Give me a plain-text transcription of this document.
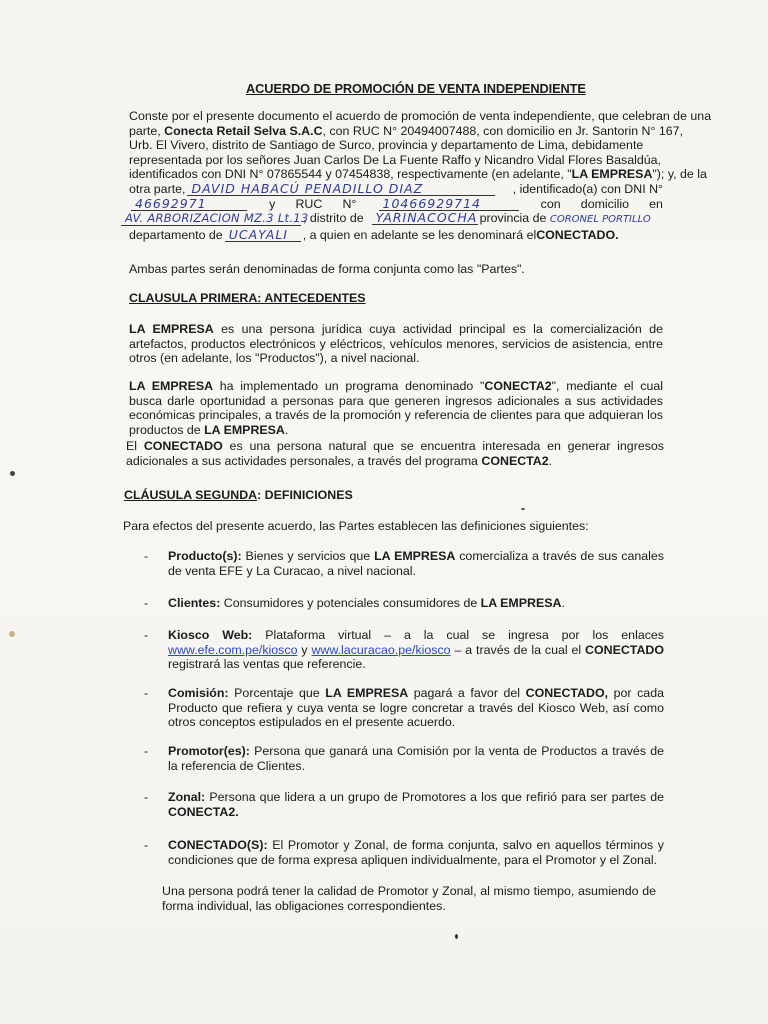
ACUERDO DE PROMOCIÓN DE VENTA INDEPENDIENTE
Conste por el presente documento el acuerdo de promoción de venta independiente, que celebran de una
parte,
Conecta Retail Selva S.A.C , con RUC N° 20494007488, con domicilio en Jr. Santorin N° 167,
Urb. El Vivero, distrito de Santiago de Surco, provincia y departamento de Lima, debidamente
representada por los señores Juan Carlos De La Fuente Raffo y Nicandro Vidal Flores Basaldúa,
identificados con DNI N° 07865544 y 07454838, respectivamente (en adelante, " LA EMPRESA "); y, de la
otra parte, DAVID HABACÚ PENADILLO DIAZ	, identificado(a) con DNI N°
46692971	y RUC N°	10466929714	con domicilio en
AV. ARBORIZACION MZ.3 Lt.13
, distrito de YARINACOCHA provincia de
CORONEL PORTILLO
departamento de UCAYALI	, a quien en adelante se les denominará el CONECTADO.
Ambas partes serán denominadas de forma conjunta como las "Partes".
CLAUSULA PRIMERA: ANTECEDENTES
LA EMPRESA es una persona jurídica cuya actividad principal es la comercialización de artefactos, productos electrónicos y eléctricos, vehículos menores, servicios de asistencia, entre otros (en adelante, los "Productos"), a nivel nacional.
LA EMPRESA ha implementado un programa denominado "CONECTA2", mediante el cual busca darle oportunidad a personas para que generen ingresos adicionales a sus actividades económicas principales, a través de la promoción y referencia de clientes para que adquieran los productos de LA EMPRESA.
El CONECTADO es una persona natural que se encuentra interesada en generar ingresos adicionales a sus actividades personales, a través del programa CONECTA2.
CLÁUSULA SEGUNDA: DEFINICIONES
Para efectos del presente acuerdo, las Partes establecen las definiciones siguientes:
- Producto(s): Bienes y servicios que LA EMPRESA comercializa a través de sus canales de venta EFE y La Curacao, a nivel nacional.
- Clientes: Consumidores y potenciales consumidores de LA EMPRESA.
- Kiosco Web: Plataforma virtual – a la cual se ingresa por los enlaces www.efe.com.pe/kiosco y www.lacuracao.pe/kiosco – a través de la cual el CONECTADO registrará las ventas que referencie.
- Comisión: Porcentaje que LA EMPRESA pagará a favor del CONECTADO, por cada Producto que refiera y cuya venta se logre concretar a través del Kiosco Web, así como otros conceptos estipulados en el presente acuerdo.
- Promotor(es): Persona que ganará una Comisión por la venta de Productos a través de la referencia de Clientes.
- Zonal: Persona que lidera a un grupo de Promotores a los que refirió para ser partes de CONECTA2.
- CONECTADO(S): El Promotor y Zonal, de forma conjunta, salvo en aquellos términos y condiciones que de forma expresa apliquen individualmente, para el Promotor y el Zonal.
Una persona podrá tener la calidad de Promotor y Zonal, al mismo tiempo, asumiendo de forma individual, las obligaciones correspondientes.
